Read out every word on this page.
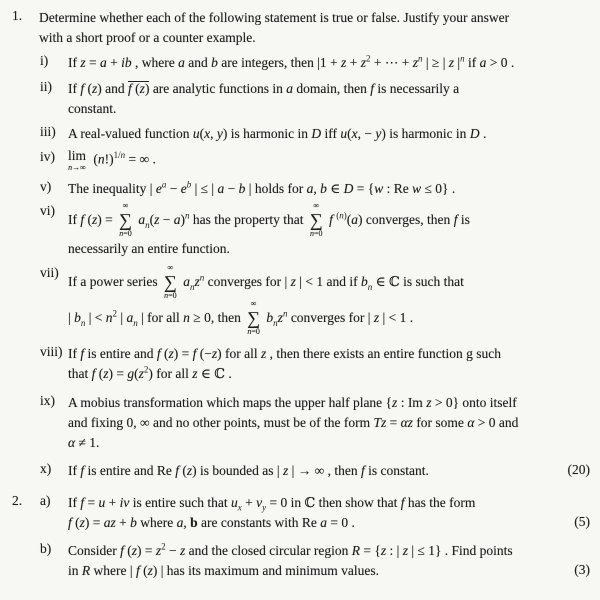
1.	Determine whether each of the following statement is true or false. Justify your answer
with a short proof or a counter example.
i)	If z = a + ib , where a and b are integers, then $|1 + z + z^2$ + ⋯ + $z^n$ | ≥ | z $|^n$ if a > 0 .
ii)	If f (z) and f (z) are analytic functions in a domain, then f is necessarily a
constant.
iii) A real-valued function u(x, y) is harmonic in D iff u(x, − y) is harmonic in D .
iv) lim
n→∞
$(n!)^{1/n}$ = ∞ .
v)	The inequality | $e^a - e^b$ | ≤ | a − b | holds for a, b ∈ D = {w : Re w ≤ 0} .
vi)
If f (z) =
∞
∑
n=0
$a_n(z - a)^n$ has the property that
∞
∑
n=0
f $^{(n)}$(a) converges, then f is
necessarily an entire function.
vii)
If a power series
∞
∑
n=0
$a_nz^n$ converges for | z | < 1 and if $b_n$ ∈ ℂ is such that
| $b_n$ | < $n^2$ | $a_n$ | for all n ≥ 0, then
∞
∑
n=0
$b_nz^n$ converges for | z | < 1 .
viii) If f is entire and f (z) = f (−z) for all z , then there exists an entire function g such
that f $(z) = g(z^2)$ for all z ∈ ℂ .
ix) A mobius transformation which maps the upper half plane {z : Im z > 0} onto itself
and fixing 0, ∞ and no other points, must be of the form Tz = αz for some α > 0 and
α ≠ 1.
x)	If f is entire and Re f (z) is bounded as | z | → ∞ , then f is constant.	(20)
2.	a)	If f = u + iv is entire such that $u_x + v_y = 0$ in ℂ then show that f has the form
f (z) = az + b where a, b are constants with Re a = 0 .	(5)
b)	Consider f $(z) = z^2 - z$ and the closed circular region R = {z : | z | ≤ 1} . Find points
in R where | f (z) | has its maximum and minimum values.	(3)
